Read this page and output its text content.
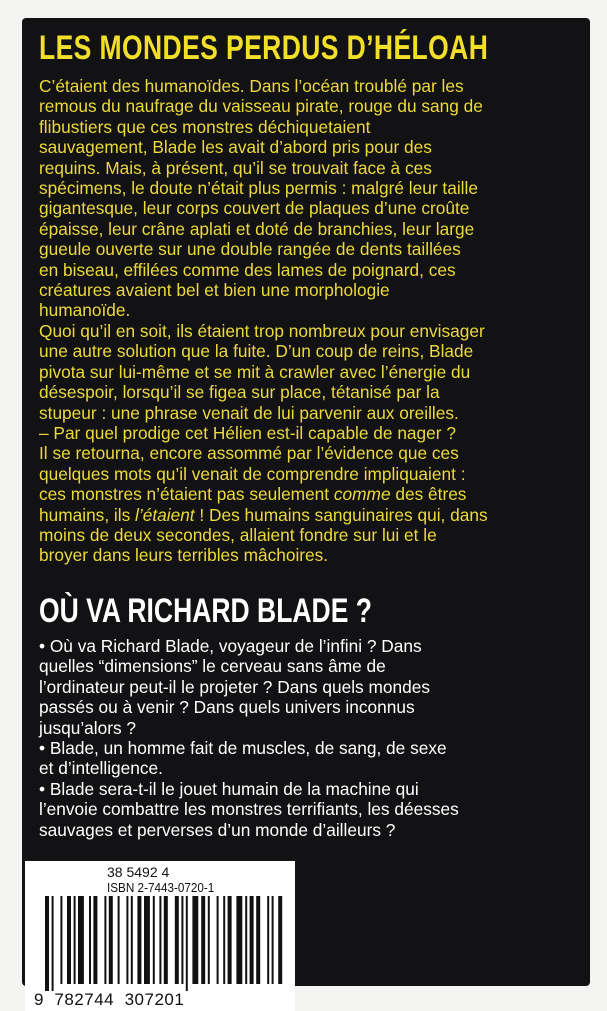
LES MONDES PERDUS D’HÉLOAH

C’étaient des humanoïdes. Dans l’océan troublé par les

remous du naufrage du vaisseau pirate, rouge du sang de

flibustiers que ces monstres déchiquetaient

sauvagement, Blade les avait d’abord pris pour des

requins. Mais, à présent, qu’il se trouvait face à ces

spécimens, le doute n’était plus permis : malgré leur taille

gigantesque, leur corps couvert de plaques d’une croûte

épaisse, leur crâne aplati et doté de branchies, leur large

gueule ouverte sur une double rangée de dents taillées

en biseau, effilées comme des lames de poignard, ces

créatures avaient bel et bien une morphologie

humanoïde.

Quoi qu’il en soit, ils étaient trop nombreux pour envisager

une autre solution que la fuite. D’un coup de reins, Blade

pivota sur lui-même et se mit à crawler avec l’énergie du

désespoir, lorsqu’il se figea sur place, tétanisé par la

stupeur : une phrase venait de lui parvenir aux oreilles.

– Par quel prodige cet Hélien est-il capable de nager ?

Il se retourna, encore assommé par l’évidence que ces

quelques mots qu’il venait de comprendre impliquaient :

ces monstres n’étaient pas seulement comme des êtres

humains, ils l’étaient ! Des humains sanguinaires qui, dans

moins de deux secondes, allaient fondre sur lui et le

broyer dans leurs terribles mâchoires.

OÙ VA RICHARD BLADE ?

• Où va Richard Blade, voyageur de l’infini ? Dans

quelles “dimensions” le cerveau sans âme de

l’ordinateur peut-il le projeter ? Dans quels mondes

passés ou à venir ? Dans quels univers inconnus

jusqu’alors ?

• Blade, un homme fait de muscles, de sang, de sexe

et d’intelligence.

• Blade sera-t-il le jouet humain de la machine qui

l’envoie combattre les monstres terrifiants, les déesses

sauvages et perverses d’un monde d’ailleurs ?

38 5492 4
ISBN 2-7443-0720-1
9  782744  307201
